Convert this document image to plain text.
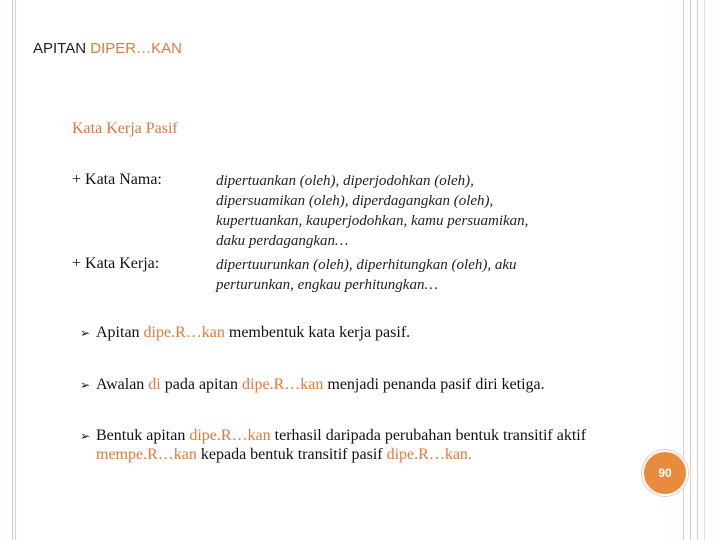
APITAN DIPER…KAN
Kata Kerja Pasif
+ Kata Nama:	dipertuankan (oleh), diperjodohkan (oleh),
dipersuamikan (oleh), diperdagangkan (oleh),
kupertuankan, kauperjodohkan, kamu persuamikan,
daku perdagangkan…
+ Kata Kerja:	dipertuurunkan (oleh), diperhitungkan (oleh), aku
perturunkan, engkau perhitungkan…
➢ Apitan dipe.R…kan membentuk kata kerja pasif.
➢ Awalan di pada apitan dipe.R…kan menjadi penanda pasif diri ketiga.
➢ Bentuk apitan dipe.R…kan terhasil daripada perubahan bentuk transitif aktif mempe.R…kan kepada bentuk transitif pasif dipe.R…kan.
90
